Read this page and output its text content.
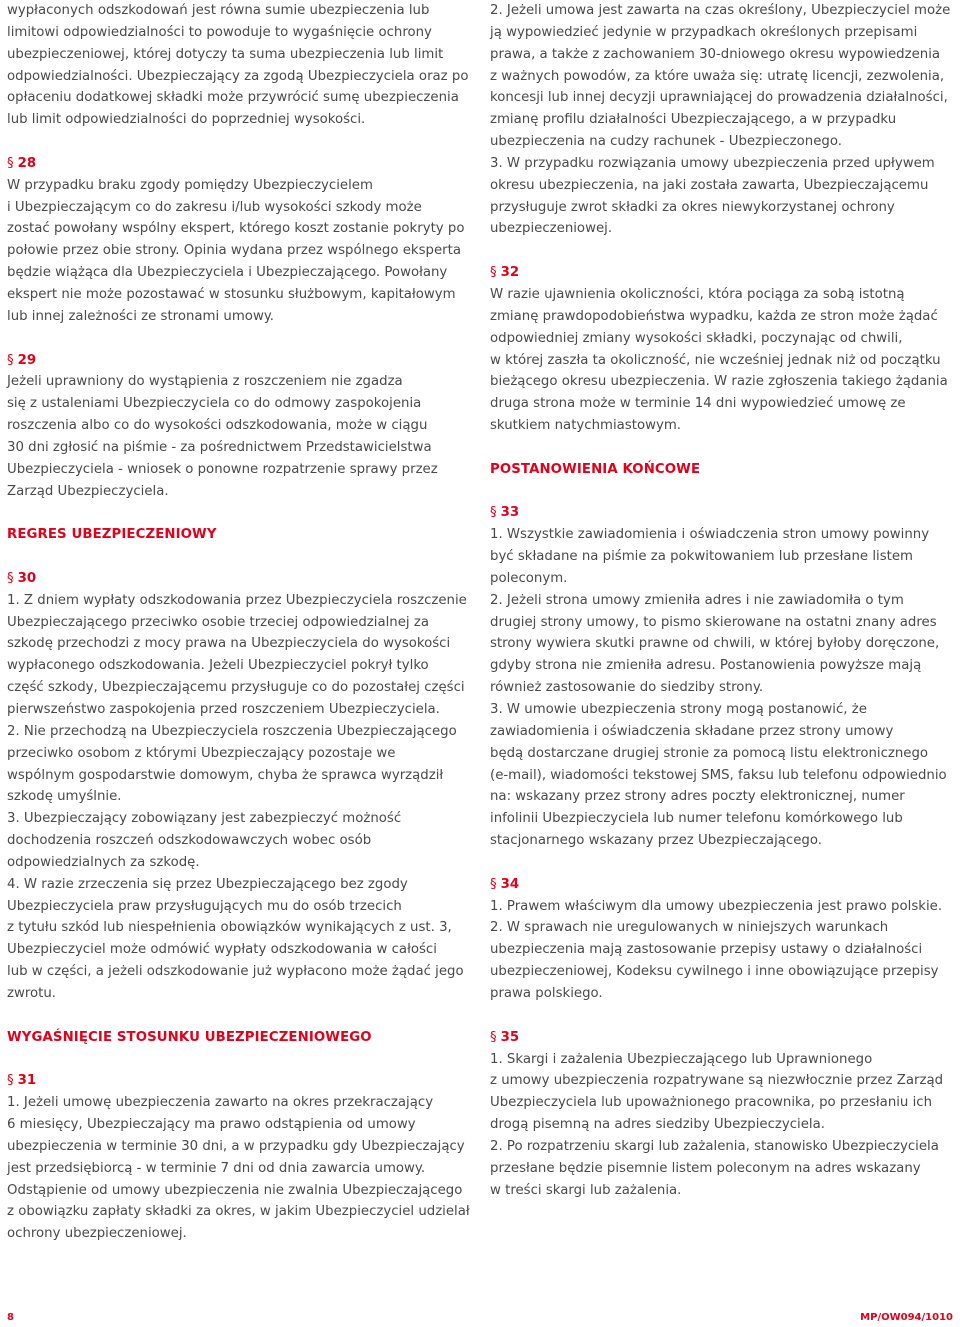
wypłaconych odszkodowań jest równa sumie ubezpieczenia lub

limitowi odpowiedzialności to powoduje to wygaśnięcie ochrony

ubezpieczeniowej, której dotyczy ta suma ubezpieczenia lub limit

odpowiedzialności. Ubezpieczający za zgodą Ubezpieczyciela oraz po

opłaceniu dodatkowej składki może przywrócić sumę ubezpieczenia

lub limit odpowiedzialności do poprzedniej wysokości.

§ 28

W przypadku braku zgody pomiędzy Ubezpieczycielem

i Ubezpieczającym co do zakresu i/lub wysokości szkody może

zostać powołany wspólny ekspert, którego koszt zostanie pokryty po

połowie przez obie strony. Opinia wydana przez wspólnego eksperta

będzie wiążąca dla Ubezpieczyciela i Ubezpieczającego. Powołany

ekspert nie może pozostawać w stosunku służbowym, kapitałowym

lub innej zależności ze stronami umowy.

§ 29

Jeżeli uprawniony do wystąpienia z roszczeniem nie zgadza

się z ustaleniami Ubezpieczyciela co do odmowy zaspokojenia

roszczenia albo co do wysokości odszkodowania, może w ciągu

30 dni zgłosić na piśmie - za pośrednictwem Przedstawicielstwa

Ubezpieczyciela - wniosek o ponowne rozpatrzenie sprawy przez

Zarząd Ubezpieczyciela.

REGRES UBEZPIECZENIOWY

§ 30

1. Z dniem wypłaty odszkodowania przez Ubezpieczyciela roszczenie

Ubezpieczającego przeciwko osobie trzeciej odpowiedzialnej za

szkodę przechodzi z mocy prawa na Ubezpieczyciela do wysokości

wypłaconego odszkodowania. Jeżeli Ubezpieczyciel pokrył tylko

część szkody, Ubezpieczającemu przysługuje co do pozostałej części

pierwszeństwo zaspokojenia przed roszczeniem Ubezpieczyciela.

2. Nie przechodzą na Ubezpieczyciela roszczenia Ubezpieczającego

przeciwko osobom z którymi Ubezpieczający pozostaje we

wspólnym gospodarstwie domowym, chyba że sprawca wyrządził

szkodę umyślnie.

3. Ubezpieczający zobowiązany jest zabezpieczyć możność

dochodzenia roszczeń odszkodowawczych wobec osób

odpowiedzialnych za szkodę.

4. W razie zrzeczenia się przez Ubezpieczającego bez zgody

Ubezpieczyciela praw przysługujących mu do osób trzecich

z tytułu szkód lub niespełnienia obowiązków wynikających z ust. 3,

Ubezpieczyciel może odmówić wypłaty odszkodowania w całości

lub w części, a jeżeli odszkodowanie już wypłacono może żądać jego

zwrotu.

WYGAŚNIĘCIE STOSUNKU UBEZPIECZENIOWEGO

§ 31

1. Jeżeli umowę ubezpieczenia zawarto na okres przekraczający

6 miesięcy, Ubezpieczający ma prawo odstąpienia od umowy

ubezpieczenia w terminie 30 dni, a w przypadku gdy Ubezpieczający

jest przedsiębiorcą - w terminie 7 dni od dnia zawarcia umowy.

Odstąpienie od umowy ubezpieczenia nie zwalnia Ubezpieczającego

z obowiązku zapłaty składki za okres, w jakim Ubezpieczyciel udzielał

ochrony ubezpieczeniowej.

2. Jeżeli umowa jest zawarta na czas określony, Ubezpieczyciel może

ją wypowiedzieć jedynie w przypadkach określonych przepisami

prawa, a także z zachowaniem 30-dniowego okresu wypowiedzenia

z ważnych powodów, za które uważa się: utratę licencji, zezwolenia,

koncesji lub innej decyzji uprawniającej do prowadzenia działalności,

zmianę profilu działalności Ubezpieczającego, a w przypadku

ubezpieczenia na cudzy rachunek - Ubezpieczonego.

3. W przypadku rozwiązania umowy ubezpieczenia przed upływem

okresu ubezpieczenia, na jaki została zawarta, Ubezpieczającemu

przysługuje zwrot składki za okres niewykorzystanej ochrony

ubezpieczeniowej.

§ 32

W razie ujawnienia okoliczności, która pociąga za sobą istotną

zmianę prawdopodobieństwa wypadku, każda ze stron może żądać

odpowiedniej zmiany wysokości składki, poczynając od chwili,

w której zaszła ta okoliczność, nie wcześniej jednak niż od początku

bieżącego okresu ubezpieczenia. W razie zgłoszenia takiego żądania

druga strona może w terminie 14 dni wypowiedzieć umowę ze

skutkiem natychmiastowym.

POSTANOWIENIA KOŃCOWE

§ 33

1. Wszystkie zawiadomienia i oświadczenia stron umowy powinny

być składane na piśmie za pokwitowaniem lub przesłane listem

poleconym.

2. Jeżeli strona umowy zmieniła adres i nie zawiadomiła o tym

drugiej strony umowy, to pismo skierowane na ostatni znany adres

strony wywiera skutki prawne od chwili, w której byłoby doręczone,

gdyby strona nie zmieniła adresu. Postanowienia powyższe mają

również zastosowanie do siedziby strony.

3. W umowie ubezpieczenia strony mogą postanowić, że

zawiadomienia i oświadczenia składane przez strony umowy

będą dostarczane drugiej stronie za pomocą listu elektronicznego

(e-mail), wiadomości tekstowej SMS, faksu lub telefonu odpowiednio

na: wskazany przez strony adres poczty elektronicznej, numer

infolinii Ubezpieczyciela lub numer telefonu komórkowego lub

stacjonarnego wskazany przez Ubezpieczającego.

§ 34

1. Prawem właściwym dla umowy ubezpieczenia jest prawo polskie.

2. W sprawach nie uregulowanych w niniejszych warunkach

ubezpieczenia mają zastosowanie przepisy ustawy o działalności

ubezpieczeniowej, Kodeksu cywilnego i inne obowiązujące przepisy

prawa polskiego.

§ 35

1. Skargi i zażalenia Ubezpieczającego lub Uprawnionego

z umowy ubezpieczenia rozpatrywane są niezwłocznie przez Zarząd

Ubezpieczyciela lub upoważnionego pracownika, po przesłaniu ich

drogą pisemną na adres siedziby Ubezpieczyciela.

2. Po rozpatrzeniu skargi lub zażalenia, stanowisko Ubezpieczyciela

przesłane będzie pisemnie listem poleconym na adres wskazany

w treści skargi lub zażalenia.

8	MP/OW094/1010
